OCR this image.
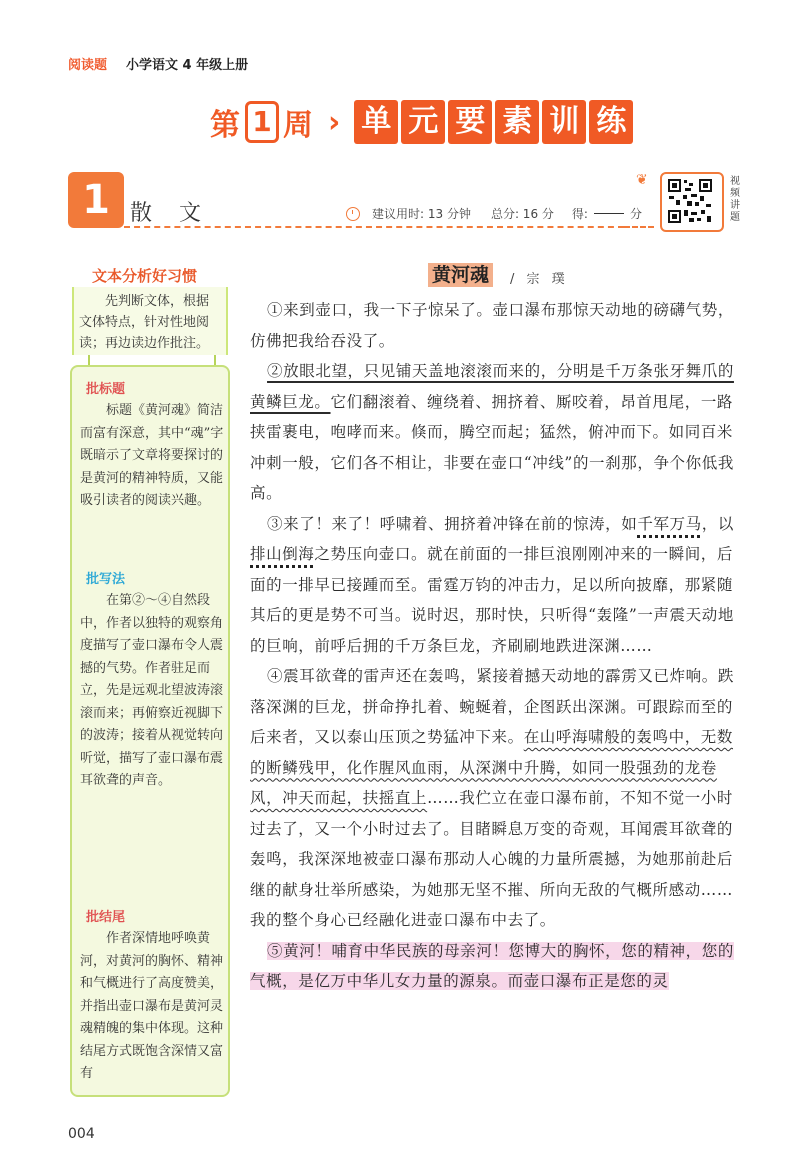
阅读题 小学语文 4 年级上册
第 1 周 › 单 元 要 素 训 练
1 散 文	建议用时: 13 分钟 总分: 16 分 得:	分
❦	视频讲题
文本分析好习惯

先判断文体，根据文体特点，针对性地阅读；再边读边作批注。

批标题

标题《黄河魂》简洁而富有深意，其中“魂”字既暗示了文章将要探讨的是黄河的精神特质，又能吸引读者的阅读兴趣。

批写法

在第②～④自然段中，作者以独特的观察角度描写了壶口瀑布令人震撼的气势。作者驻足而立，先是远观北望波涛滚滚而来；再俯察近视脚下的波涛；接着从视觉转向听觉，描写了壶口瀑布震耳欲聋的声音。

批结尾

作者深情地呼唤黄河，对黄河的胸怀、精神和气概进行了高度赞美，并指出壶口瀑布是黄河灵魂精魄的集中体现。这种结尾方式既饱含深情又富有

黄河魂	/ 宗 璞

①来到壶口，我一下子惊呆了。壶口瀑布那惊天动地的磅礴气势，仿佛把我给吞没了。

②放眼北望，只见铺天盖地滚滚而来的，分明是千万条张牙舞爪的黄鳞巨龙。它们翻滚着、缠绕着、拥挤着、厮咬着，昂首甩尾，一路挟雷裹电，咆哮而来。倏而，腾空而起；猛然，俯冲而下。如同百米冲刺一般，它们各不相让，非要在壶口“冲线”的一刹那，争个你低我高。

③来了！来了！呼啸着、拥挤着冲锋在前的惊涛，如千军万马，以排山倒海之势压向壶口。就在前面的一排巨浪刚刚冲来的一瞬间，后面的一排早已接踵而至。雷霆万钧的冲击力，足以所向披靡，那紧随其后的更是势不可当。说时迟，那时快，只听得“轰隆”一声震天动地的巨响，前呼后拥的千万条巨龙，齐刷刷地跌进深渊……

④震耳欲聋的雷声还在轰鸣，紧接着撼天动地的霹雳又已炸响。跌落深渊的巨龙，拼命挣扎着、蜿蜒着，企图跃出深渊。可跟踪而至的后来者，又以泰山压顶之势猛冲下来。在山呼海啸般的轰鸣中，无数的断鳞残甲，化作腥风血雨，从深渊中升腾，如同一股强劲的龙卷风，冲天而起，扶摇直上……我伫立在壶口瀑布前，不知不觉一小时过去了，又一个小时过去了。目睹瞬息万变的奇观，耳闻震耳欲聋的轰鸣，我深深地被壶口瀑布那动人心魄的力量所震撼，为她那前赴后继的献身壮举所感染，为她那无坚不摧、所向无敌的气概所感动……我的整个身心已经融化进壶口瀑布中去了。

⑤黄河！哺育中华民族的母亲河！您博大的胸怀，您的精神，您的气概，是亿万中华儿女力量的源泉。而壶口瀑布正是您的灵

004
